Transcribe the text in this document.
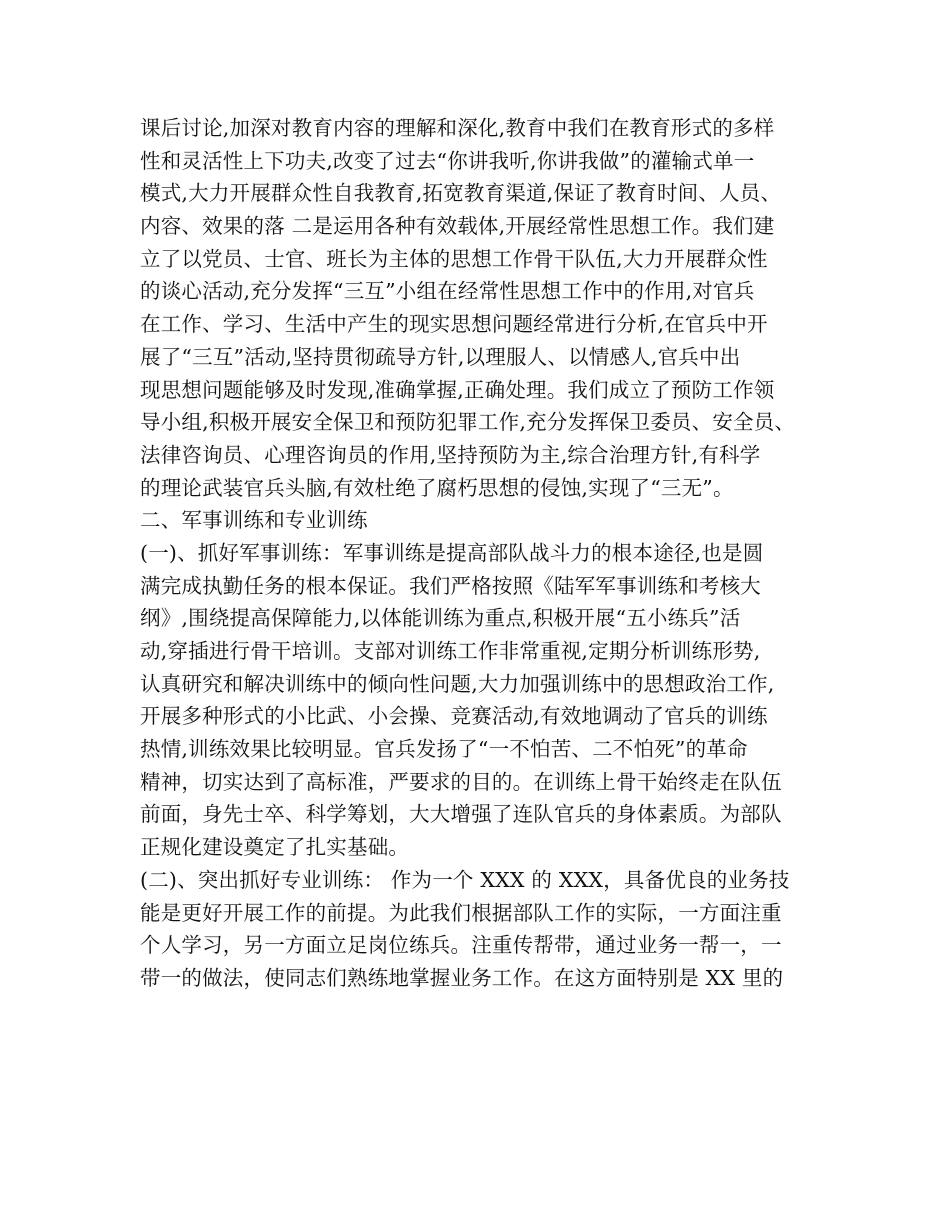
课后讨论,加深对教育内容的理解和深化,教育中我们在教育形式的多样
性和灵活性上下功夫,改变了过去“你讲我听,你讲我做”的灌输式单一
模式,大力开展群众性自我教育,拓宽教育渠道,保证了教育时间、人员、
内容、效果的落 二是运用各种有效载体,开展经常性思想工作。我们建
立了以党员、士官、班长为主体的思想工作骨干队伍,大力开展群众性
的谈心活动,充分发挥“三互”小组在经常性思想工作中的作用,对官兵
在工作、学习、生活中产生的现实思想问题经常进行分析,在官兵中开
展了“三互”活动,坚持贯彻疏导方针,以理服人、以情感人,官兵中出
现思想问题能够及时发现,准确掌握,正确处理。我们成立了预防工作领
导小组,积极开展安全保卫和预防犯罪工作,充分发挥保卫委员、安全员、
法律咨询员、心理咨询员的作用,坚持预防为主,综合治理方针,有科学
的理论武装官兵头脑,有效杜绝了腐朽思想的侵蚀,实现了“三无”。
二、军事训练和专业训练
(一)、抓好军事训练：军事训练是提高部队战斗力的根本途径,也是圆
满完成执勤任务的根本保证。我们严格按照《陆军军事训练和考核大
纲》,围绕提高保障能力,以体能训练为重点,积极开展“五小练兵”活
动,穿插进行骨干培训。支部对训练工作非常重视,定期分析训练形势,
认真研究和解决训练中的倾向性问题,大力加强训练中的思想政治工作,
开展多种形式的小比武、小会操、竞赛活动,有效地调动了官兵的训练
热情,训练效果比较明显。官兵发扬了“一不怕苦、二不怕死”的革命
精神，切实达到了高标准，严要求的目的。在训练上骨干始终走在队伍
前面，身先士卒、科学筹划，大大增强了连队官兵的身体素质。为部队
正规化建设奠定了扎实基础。
(二)、突出抓好专业训练： 作为一个 XXX 的 XXX，具备优良的业务技
能是更好开展工作的前提。为此我们根据部队工作的实际，一方面注重
个人学习，另一方面立足岗位练兵。注重传帮带，通过业务一帮一，一
带一的做法，使同志们熟练地掌握业务工作。在这方面特别是 XX 里的
